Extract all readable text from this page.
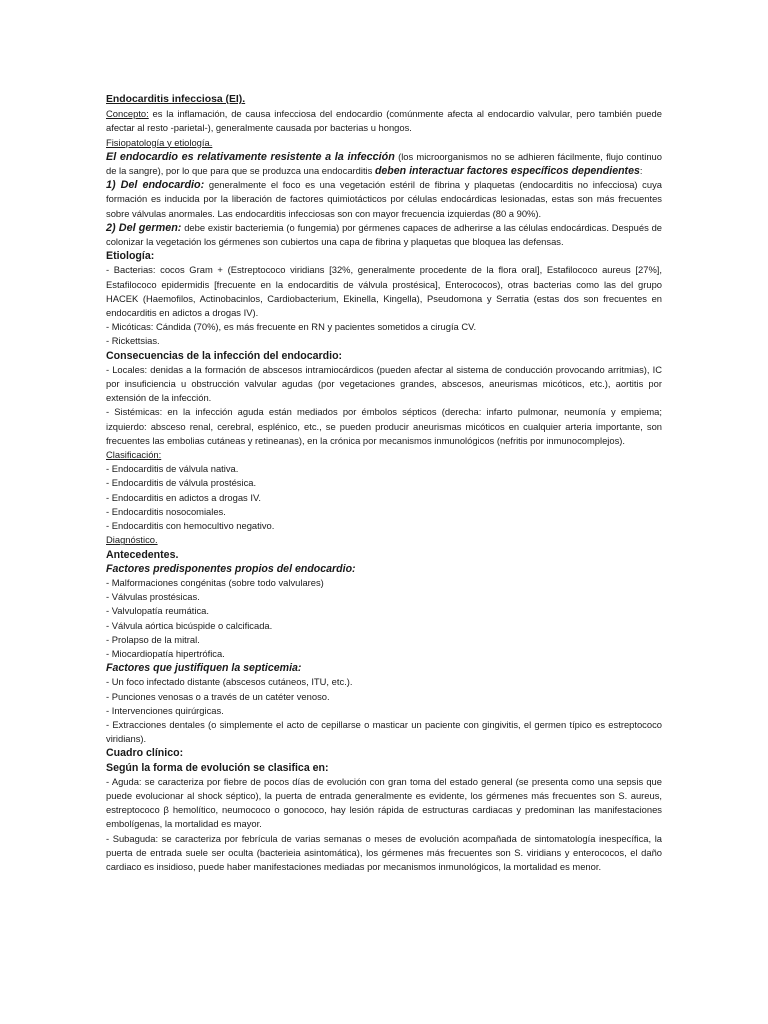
Endocarditis infecciosa (EI).

Concepto: es la inflamación, de causa infecciosa del endocardio (comúnmente afecta al endocardio valvular, pero también puede afectar al resto -parietal-), generalmente causada por bacterias u hongos.

Fisiopatología y etiología.

El endocardio es relativamente resistente a la infección (los microorganismos no se adhieren fácilmente, flujo continuo de la sangre), por lo que para que se produzca una endocarditis deben interactuar factores específicos dependientes:

1) Del endocardio: generalmente el foco es una vegetación estéril de fibrina y plaquetas (endocarditis no infecciosa) cuya formación es inducida por la liberación de factores quimiotácticos por células endocárdicas lesionadas, estas son más frecuentes sobre válvulas anormales. Las endocarditis infecciosas son con mayor frecuencia izquierdas (80 a 90%).

2) Del germen: debe existir bacteriemia (o fungemia) por gérmenes capaces de adherirse a las células endocárdicas. Después de colonizar la vegetación los gérmenes son cubiertos una capa de fibrina y plaquetas que bloquea las defensas.

Etiología:

- Bacterias: cocos Gram + (Estreptococo viridians [32%, generalmente procedente de la flora oral], Estafilococo aureus [27%], Estafilococo epidermidis [frecuente en la endocarditis de válvula prostésica], Enterococos), otras bacterias como las del grupo HACEK (Haemofilos, Actinobacinlos, Cardiobacterium, Ekinella, Kingella), Pseudomona y Serratia (estas dos son frecuentes en endocarditis en adictos a drogas IV).

- Micóticas: Cándida (70%), es más frecuente en RN y pacientes sometidos a cirugía CV.

- Rickettsias.

Consecuencias de la infección del endocardio:

- Locales: denidas a la formación de abscesos intramiocárdicos (pueden afectar al sistema de conducción provocando arritmias), IC por insuficiencia u obstrucción valvular agudas (por vegetaciones grandes, abscesos, aneurismas micóticos, etc.), aortitis por extensión de la infección.

- Sistémicas: en la infección aguda están mediados por émbolos sépticos (derecha: infarto pulmonar, neumonía y empiema; izquierdo: absceso renal, cerebral, esplénico, etc., se pueden producir aneurismas micóticos en cualquier arteria importante, son frecuentes las embolias cutáneas y retineanas), en la crónica por mecanismos inmunológicos (nefritis por inmunocomplejos).

Clasificación:

- Endocarditis de válvula nativa.

- Endocarditis de válvula prostésica.

- Endocarditis en adictos a drogas IV.

- Endocarditis nosocomiales.

- Endocarditis con hemocultivo negativo.

Diagnóstico.

Antecedentes.

Factores predisponentes propios del endocardio:

- Malformaciones congénitas (sobre todo valvulares)

- Válvulas prostésicas.

- Valvulopatía reumática.

- Válvula aórtica bicúspide o calcificada.

- Prolapso de la mitral.

- Miocardiopatía hipertrófica.

Factores que justifiquen la septicemia:

- Un foco infectado distante (abscesos cutáneos, ITU, etc.).

- Punciones venosas o a través de un catéter venoso.

- Intervenciones quirúrgicas.

- Extracciones dentales (o simplemente el acto de cepillarse o masticar un paciente con gingivitis, el germen típico es estreptococo viridians).

Cuadro clínico:

Según la forma de evolución se clasifica en:

- Aguda: se caracteriza por fiebre de pocos días de evolución con gran toma del estado general (se presenta como una sepsis que puede evolucionar al shock séptico), la puerta de entrada generalmente es evidente, los gérmenes más frecuentes son S. aureus, estreptococo β hemolítico, neumococo o gonococo, hay lesión rápida de estructuras cardiacas y predominan las manifestaciones embolígenas, la mortalidad es mayor.

- Subaguda: se caracteriza por febrícula de varias semanas o meses de evolución acompañada de sintomatología inespecífica, la puerta de entrada suele ser oculta (bacterieia asintomática), los gérmenes más frecuentes son S. viridians y enterococos, el daño cardiaco es insidioso, puede haber manifestaciones mediadas por mecanismos inmunológicos, la mortalidad es menor.
